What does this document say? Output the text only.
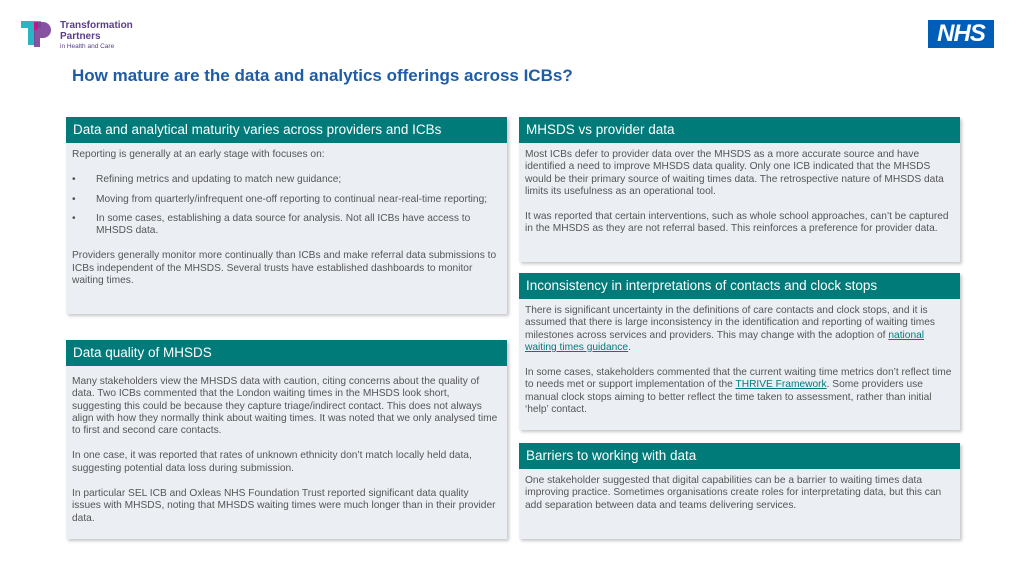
Transformation
Partners
in Health and Care	NHS
How mature are the data and analytics offerings across ICBs?
Data and analytical maturity varies across providers and ICBs

Reporting is generally at an early stage with focuses on:

• Refining metrics and updating to match new guidance;
• Moving from quarterly/infrequent one-off reporting to continual near-real-time reporting;
• In some cases, establishing a data source for analysis. Not all ICBs have access to MHSDS data.

Providers generally monitor more continually than ICBs and make referral data submissions to ICBs independent of the MHSDS. Several trusts have established dashboards to monitor waiting times.

Data quality of MHSDS

Many stakeholders view the MHSDS data with caution, citing concerns about the quality of data. Two ICBs commented that the London waiting times in the MHSDS look short, suggesting this could be because they capture triage/indirect contact. This does not always align with how they normally think about waiting times. It was noted that we only analysed time to first and second care contacts.

In one case, it was reported that rates of unknown ethnicity don’t match locally held data, suggesting potential data loss during submission.

In particular SEL ICB and Oxleas NHS Foundation Trust reported significant data quality issues with MHSDS, noting that MHSDS waiting times were much longer than in their provider data.

MHSDS vs provider data

Most ICBs defer to provider data over the MHSDS as a more accurate source and have identified a need to improve MHSDS data quality. Only one ICB indicated that the MHSDS would be their primary source of waiting times data. The retrospective nature of MHSDS data limits its usefulness as an operational tool.

It was reported that certain interventions, such as whole school approaches, can’t be captured in the MHSDS as they are not referral based. This reinforces a preference for provider data.

Inconsistency in interpretations of contacts and clock stops

There is significant uncertainty in the definitions of care contacts and clock stops, and it is assumed that there is large inconsistency in the identification and reporting of waiting times milestones across services and providers. This may change with the adoption of national waiting times guidance.

In some cases, stakeholders commented that the current waiting time metrics don’t reflect time to needs met or support implementation of the THRIVE Framework. Some providers use manual clock stops aiming to better reflect the time taken to assessment, rather than initial ‘help’ contact.

Barriers to working with data

One stakeholder suggested that digital capabilities can be a barrier to waiting times data improving practice. Sometimes organisations create roles for interpretating data, but this can add separation between data and teams delivering services.
